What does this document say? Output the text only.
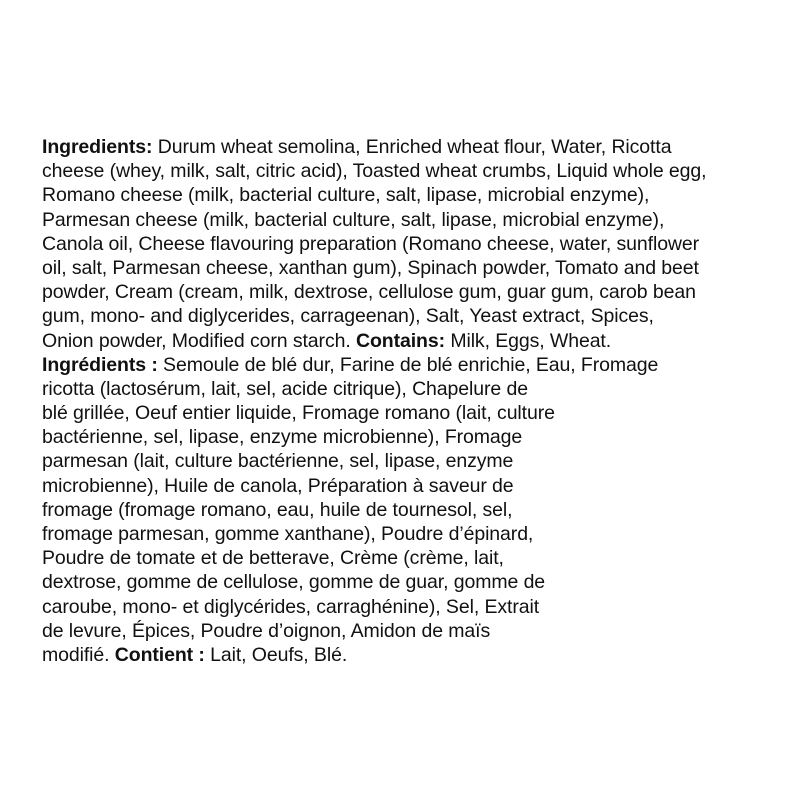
Ingredients: Durum wheat semolina, Enriched wheat flour, Water, Ricotta
cheese (whey, milk, salt, citric acid), Toasted wheat crumbs, Liquid whole egg,
Romano cheese (milk, bacterial culture, salt, lipase, microbial enzyme),
Parmesan cheese (milk, bacterial culture, salt, lipase, microbial enzyme),
Canola oil, Cheese flavouring preparation (Romano cheese, water, sunflower
oil, salt, Parmesan cheese, xanthan gum), Spinach powder, Tomato and beet
powder, Cream (cream, milk, dextrose, cellulose gum, guar gum, carob bean
gum, mono- and diglycerides, carrageenan), Salt, Yeast extract, Spices,
Onion powder, Modified corn starch. Contains: Milk, Eggs, Wheat.
Ingrédients : Semoule de blé dur, Farine de blé enrichie, Eau, Fromage
ricotta (lactosérum, lait, sel, acide citrique), Chapelure de
blé grillée, Oeuf entier liquide, Fromage romano (lait, culture
bactérienne, sel, lipase, enzyme microbienne), Fromage
parmesan (lait, culture bactérienne, sel, lipase, enzyme
microbienne), Huile de canola, Préparation à saveur de
fromage (fromage romano, eau, huile de tournesol, sel,
fromage parmesan, gomme xanthane), Poudre d’épinard,
Poudre de tomate et de betterave, Crème (crème, lait,
dextrose, gomme de cellulose, gomme de guar, gomme de
caroube, mono- et diglycérides, carraghénine), Sel, Extrait
de levure, Épices, Poudre d’oignon, Amidon de maïs
modifié. Contient : Lait, Oeufs, Blé.
